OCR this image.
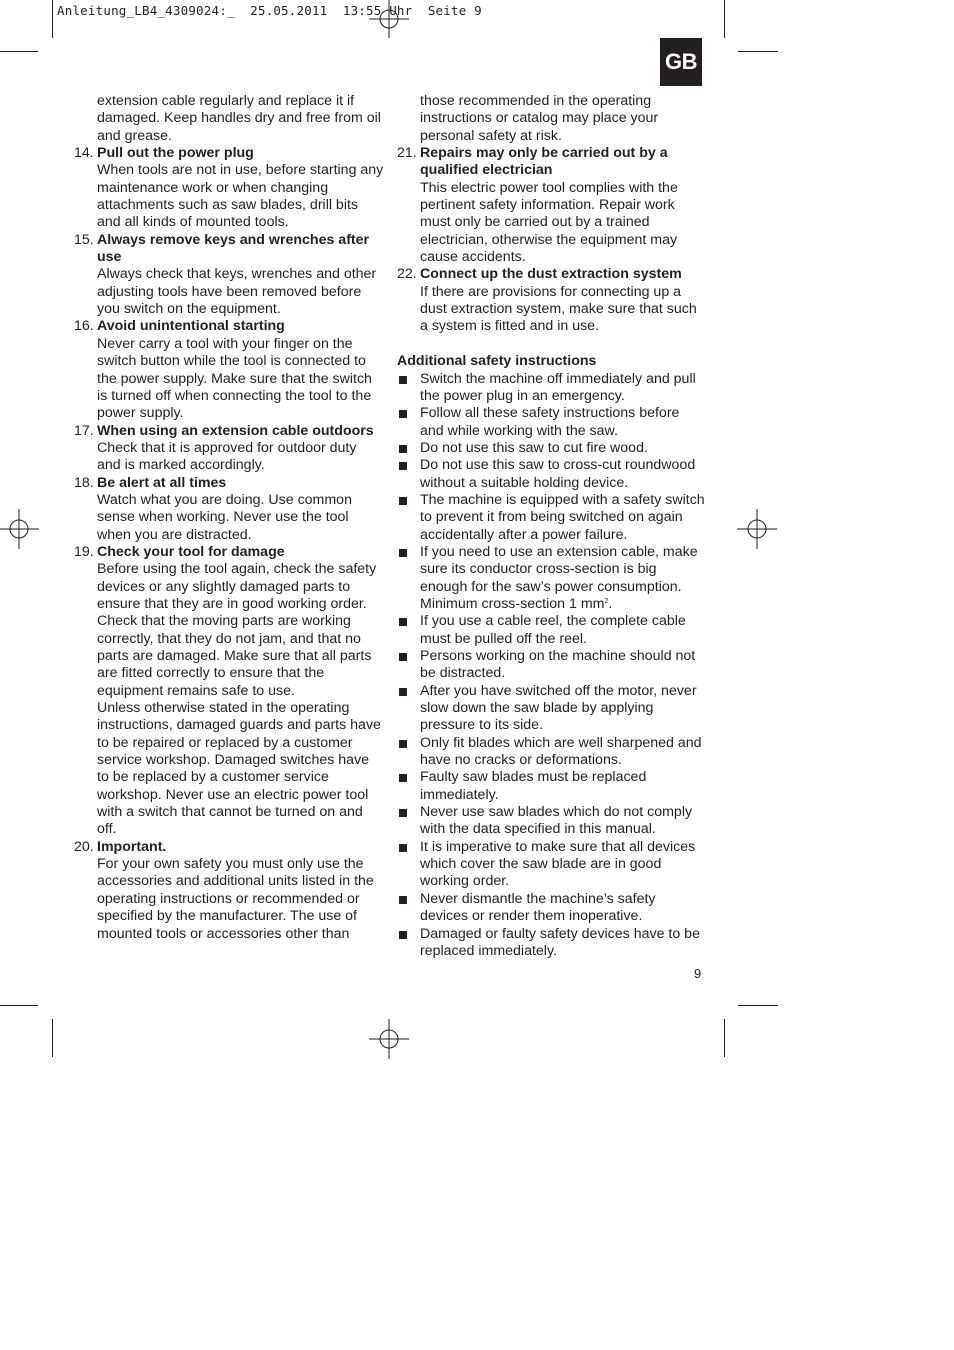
Anleitung_LB4_4309024:_  25.05.2011  13:55 Uhr  Seite 9
GB
extension cable regularly and replace it if damaged. Keep handles dry and free from oil and grease.
14. Pull out the power plug
When tools are not in use, before starting any maintenance work or when changing attachments such as saw blades, drill bits and all kinds of mounted tools.
15. Always remove keys and wrenches after use
Always check that keys, wrenches and other adjusting tools have been removed before you switch on the equipment.
16. Avoid unintentional starting
Never carry a tool with your finger on the switch button while the tool is connected to the power supply. Make sure that the switch is turned off when connecting the tool to the power supply.
17. When using an extension cable outdoors
Check that it is approved for outdoor duty and is marked accordingly.
18. Be alert at all times
Watch what you are doing. Use common sense when working. Never use the tool when you are distracted.
19. Check your tool for damage
Before using the tool again, check the safety devices or any slightly damaged parts to ensure that they are in good working order. Check that the moving parts are working correctly, that they do not jam, and that no parts are damaged. Make sure that all parts are fitted correctly to ensure that the equipment remains safe to use.
Unless otherwise stated in the operating instructions, damaged guards and parts have to be repaired or replaced by a customer service workshop. Damaged switches have to be replaced by a customer service workshop. Never use an electric power tool with a switch that cannot be turned on and off.
20. Important.
For your own safety you must only use the accessories and additional units listed in the operating instructions or recommended or specified by the manufacturer. The use of mounted tools or accessories other than
those recommended in the operating instructions or catalog may place your personal safety at risk.
21. Repairs may only be carried out by a qualified electrician
This electric power tool complies with the pertinent safety information. Repair work must only be carried out by a trained electrician, otherwise the equipment may cause accidents.
22. Connect up the dust extraction system
If there are provisions for connecting up a dust extraction system, make sure that such a system is fitted and in use.
Additional safety instructions
Switch the machine off immediately and pull the power plug in an emergency.
Follow all these safety instructions before and while working with the saw.
Do not use this saw to cut fire wood.
Do not use this saw to cross-cut roundwood without a suitable holding device.
The machine is equipped with a safety switch to prevent it from being switched on again accidentally after a power failure.
If you need to use an extension cable, make sure its conductor cross-section is big enough for the saw’s power consumption. Minimum cross-section 1 $mm^2$.
If you use a cable reel, the complete cable must be pulled off the reel.
Persons working on the machine should not be distracted.
After you have switched off the motor, never slow down the saw blade by applying pressure to its side.
Only fit blades which are well sharpened and have no cracks or deformations.
Faulty saw blades must be replaced immediately.
Never use saw blades which do not comply with the data specified in this manual.
It is imperative to make sure that all devices which cover the saw blade are in good working order.
Never dismantle the machine’s safety devices or render them inoperative.
Damaged or faulty safety devices have to be replaced immediately.
9
